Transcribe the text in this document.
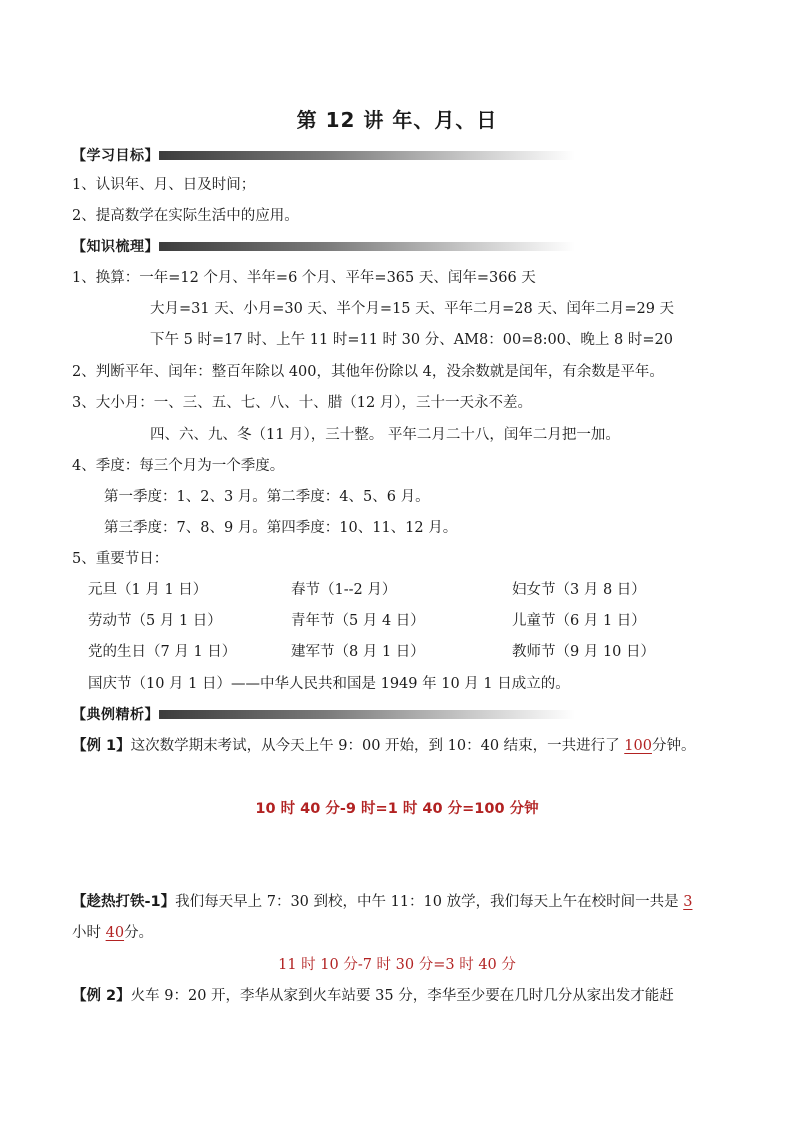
第 12 讲 年、月、日
【学习目标】
1、认识年、月、日及时间；
2、提高数学在实际生活中的应用。
【知识梳理】
1、换算：一年=12 个月、半年=6 个月、平年=365 天、闰年=366 天
大月=31 天、小月=30 天、半个月=15 天、平年二月=28 天、闰年二月=29 天
下午 5 时=17 时、上午 11 时=11 时 30 分、AM8：00=8:00、晚上 8 时=20
2、判断平年、闰年：整百年除以 400，其他年份除以 4，没余数就是闰年，有余数是平年。
3、大小月：一、三、五、七、八、十、腊（12 月），三十一天永不差。
四、六、九、冬（11 月），三十整。 平年二月二十八，闰年二月把一加。
4、季度：每三个月为一个季度。
第一季度：1、2、3 月。第二季度：4、5、6 月。
第三季度：7、8、9 月。第四季度：10、11、12 月。
5、重要节日：
元旦（1 月 1 日）	春节（1--2 月）	妇女节（3 月 8 日）
劳动节（5 月 1 日）	青年节（5 月 4 日）	儿童节（6 月 1 日）
党的生日（7 月 1 日）	建军节（8 月 1 日）	教师节（9 月 10 日）
国庆节（10 月 1 日）——中华人民共和国是 1949 年 10 月 1 日成立的。
【典例精析】
【例 1】这次数学期末考试，从今天上午 9：00 开始，到 10：40 结束，一共进行了 100分钟。
10 时 40 分-9 时=1 时 40 分=100 分钟
【趁热打铁-1】我们每天早上 7：30 到校，中午 11：10 放学，我们每天上午在校时间一共是 3
小时 40分。
11 时 10 分-7 时 30 分=3 时 40 分
【例 2】火车 9：20 开，李华从家到火车站要 35 分，李华至少要在几时几分从家出发才能赶
